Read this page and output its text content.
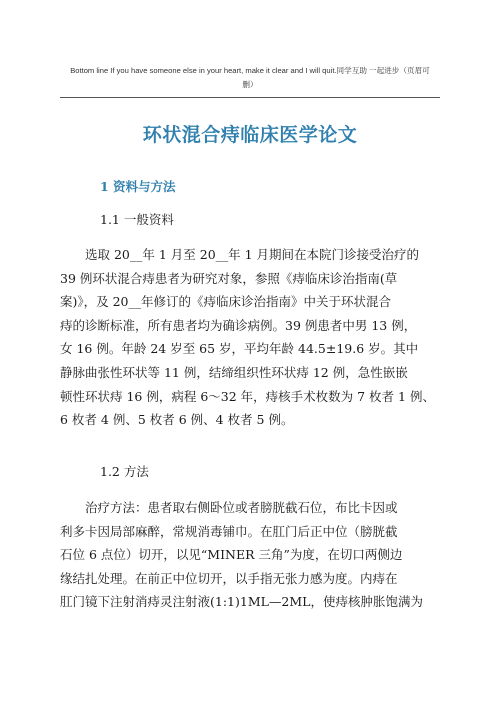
Bottom line If you have someone else in your heart, make it clear and I will quit.同学互助 一起进步（页眉可
删）
环状混合痔临床医学论文
1 资料与方法
1.1 一般资料
　　选取 20__年 1 月至 20__年 1 月期间在本院门诊接受治疗的
39 例环状混合痔患者为研究对象，参照《痔临床诊治指南(草
案)》，及 20__年修订的《痔临床诊治指南》中关于环状混合
痔的诊断标准，所有患者均为确诊病例。39 例患者中男 13 例，
女 16 例。年龄 24 岁至 65 岁，平均年龄 44.5±19.6 岁。其中
静脉曲张性环状等 11 例，结缔组织性环状痔 12 例，急性嵌嵌
顿性环状痔 16 例，病程 6～32 年，痔核手术枚数为 7 枚者 1 例、
6 枚者 4 例、5 枚者 6 例、4 枚者 5 例。
1.2 方法
　　治疗方法：患者取右侧卧位或者膀胱截石位，布比卡因或
利多卡因局部麻醉，常规消毒铺巾。在肛门后正中位（膀胱截
石位 6 点位）切开，以见“MINER 三角”为度，在切口两侧边
缘结扎处理。在前正中位切开，以手指无张力感为度。内痔在
肛门镜下注射消痔灵注射液(1:1)1ML—2ML，使痔核肿胀饱满为
